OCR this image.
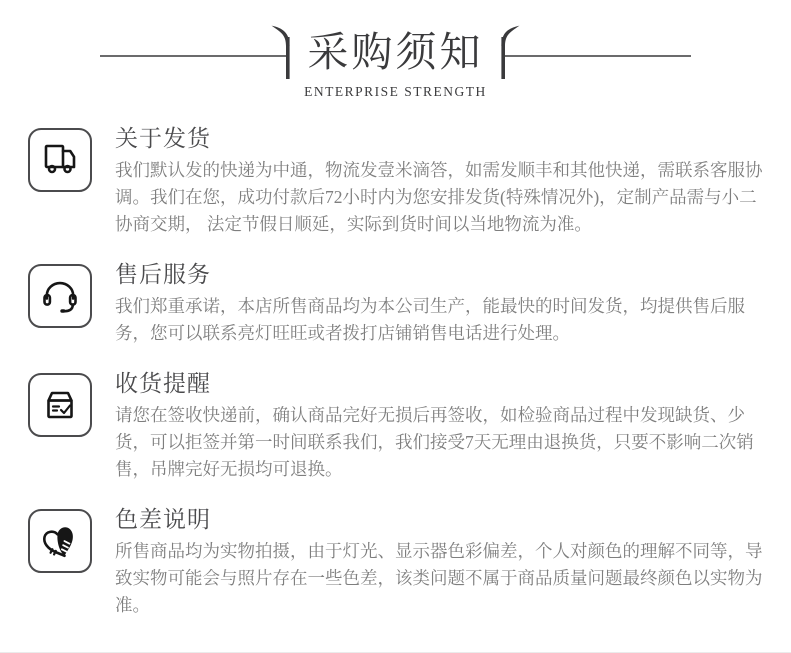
采购须知
ENTERPRISE STRENGTH
关于发货

我们默认发的快递为中通，物流发壹米滴答，如需发顺丰和其他快递，需联系客服协调。我们在您，成功付款后72小时内为您安排发货(特殊情况外)，定制产品需与小二协商交期， 法定节假日顺延，实际到货时间以当地物流为准。

售后服务

我们郑重承诺，本店所售商品均为本公司生产，能最快的时间发货，均提供售后服务，您可以联系亮灯旺旺或者拨打店铺销售电话进行处理。

收货提醒

请您在签收快递前，确认商品完好无损后再签收，如检验商品过程中发现缺货、少货，可以拒签并第一时间联系我们，我们接受7天无理由退换货，只要不影响二次销售，吊牌完好无损均可退换。

色差说明

所售商品均为实物拍摄，由于灯光、显示器色彩偏差，个人对颜色的理解不同等，导致实物可能会与照片存在一些色差，该类问题不属于商品质量问题最终颜色以实物为准。
